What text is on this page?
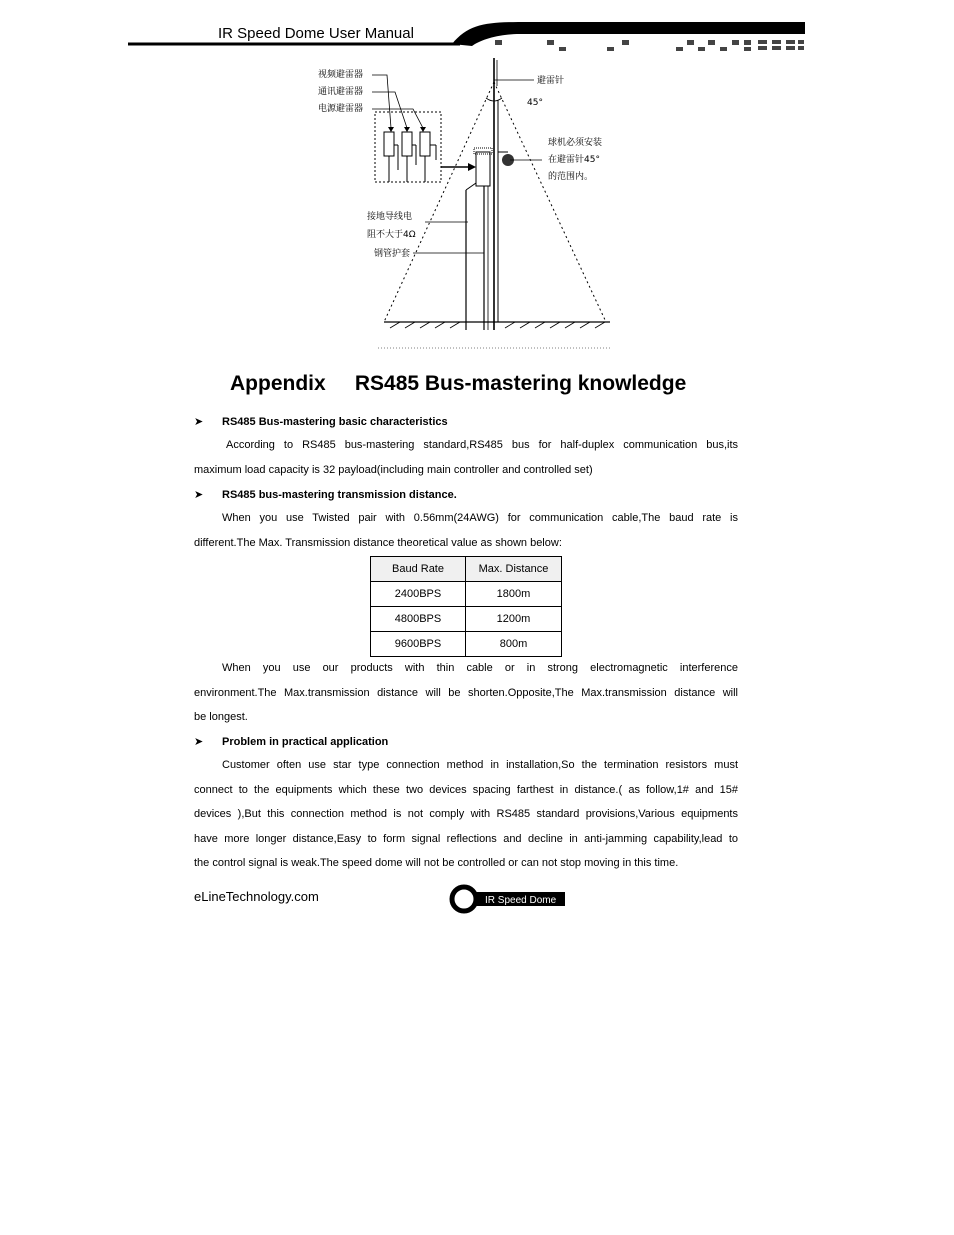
IR Speed Dome User Manual
视频避雷器
通讯避雷器
电源避雷器
避雷针
45°
球机必须安装
在避雷针45°
的范围内。
接地导线电
阻不大于4Ω
钢管护套
Appendix     RS485 Bus-mastering knowledge
➤ RS485 Bus-mastering basic characteristics
According to RS485 bus-mastering standard,RS485 bus for half-duplex communication bus,its
maximum load capacity is 32 payload(including main controller and controlled set)
➤ RS485 bus-mastering transmission distance.
When you use Twisted pair with 0.56mm(24AWG) for communication cable,The baud rate is
different.The Max. Transmission distance theoretical value as shown below:
Baud Rate	Max. Distance
2400BPS	1800m
4800BPS	1200m
9600BPS	800m
When you use our products with thin cable or in strong electromagnetic interference
environment.The Max.transmission distance will be shorten.Opposite,The Max.transmission distance will
be longest.
➤ Problem in practical application
Customer often use star type connection method in installation,So the termination resistors must
connect to the equipments which these two devices spacing farthest in distance.( as follow,1# and 15#
devices ),But this connection method is not comply with RS485 standard provisions,Various equipments
have more longer distance,Easy to form signal reflections and decline in anti-jamming capability,lead to
the control signal is weak.The speed dome will not be controlled or can not stop moving in this time.
eLineTechnology.com	IR Speed Dome
